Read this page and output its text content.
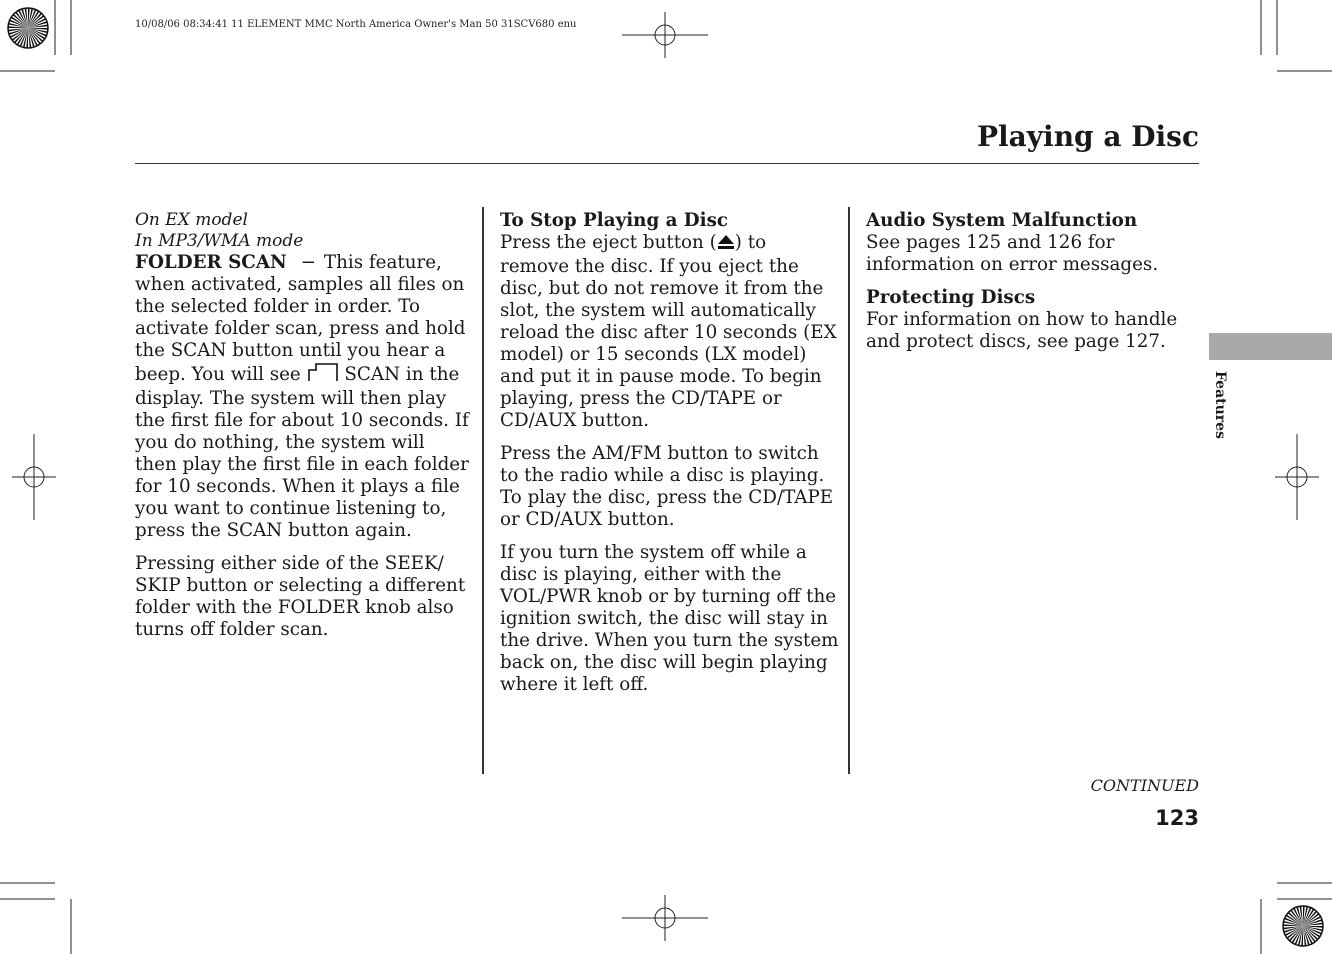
10/08/06 08:34:41 11 ELEMENT MMC North America Owner's Man 50 31SCV680 enu
Playing a Disc
On EX model
In MP3/WMA mode

FOLDER SCAN − This feature, when activated, samples all files on the selected folder in order. To activate folder scan, press and hold the SCAN button until you hear a beep. You will see SCAN in the display. The system will then play the first file for about 10 seconds. If you do nothing, the system will then play the first file in each folder for 10 seconds. When it plays a file you want to continue listening to, press the SCAN button again.

Pressing either side of the SEEK/ SKIP button or selecting a different folder with the FOLDER knob also turns off folder scan.

To Stop Playing a Disc

Press the eject button ( ) to remove the disc. If you eject the disc, but do not remove it from the slot, the system will automatically reload the disc after 10 seconds (EX model) or 15 seconds (LX model) and put it in pause mode. To begin playing, press the CD/TAPE or CD/AUX button.

Press the AM/FM button to switch to the radio while a disc is playing. To play the disc, press the CD/TAPE or CD/AUX button.

If you turn the system off while a disc is playing, either with the VOL/PWR knob or by turning off the ignition switch, the disc will stay in the drive. When you turn the system back on, the disc will begin playing where it left off.

Audio System Malfunction

See pages 125 and 126 for information on error messages.

Protecting Discs

For information on how to handle and protect discs, see page 127.

Features
CONTINUED
123
